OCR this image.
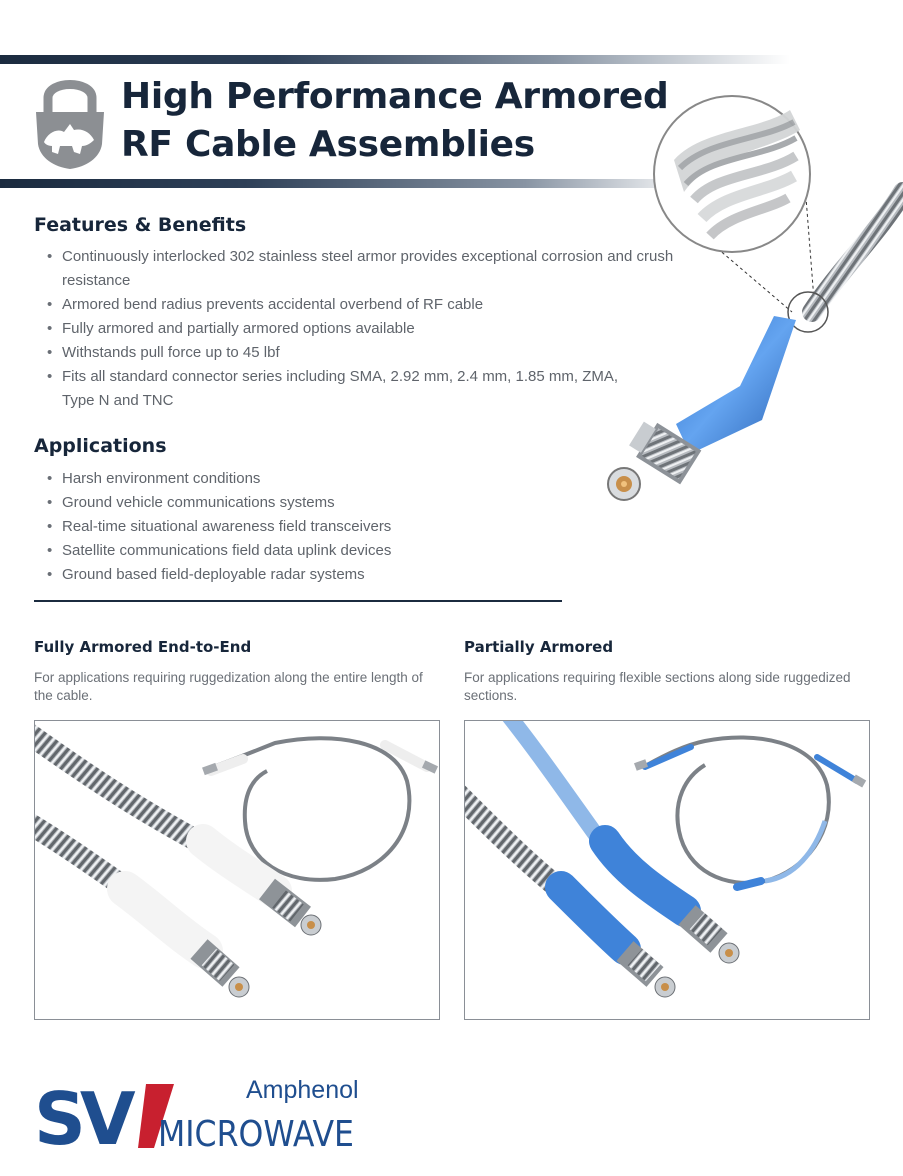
High Performance Armored
RF Cable Assemblies
Features & Benefits
• Continuously interlocked 302 stainless steel armor provides exceptional corrosion and crush resistance
• Armored bend radius prevents accidental overbend of RF cable
• Fully armored and partially armored options available
• Withstands pull force up to 45 lbf
• Fits all standard connector series including SMA, 2.92 mm, 2.4 mm, 1.85 mm, ZMA, Type N and TNC
Applications
• Harsh environment conditions
• Ground vehicle communications systems
• Real-time situational awareness field transceivers
• Satellite communications field data uplink devices
• Ground based field-deployable radar systems
Fully Armored End-to-End

For applications requiring ruggedization along the entire length of the cable.

Partially Armored

For applications requiring flexible sections along side ruggedized sections.

SV	Amphenol
MICROWAVE
